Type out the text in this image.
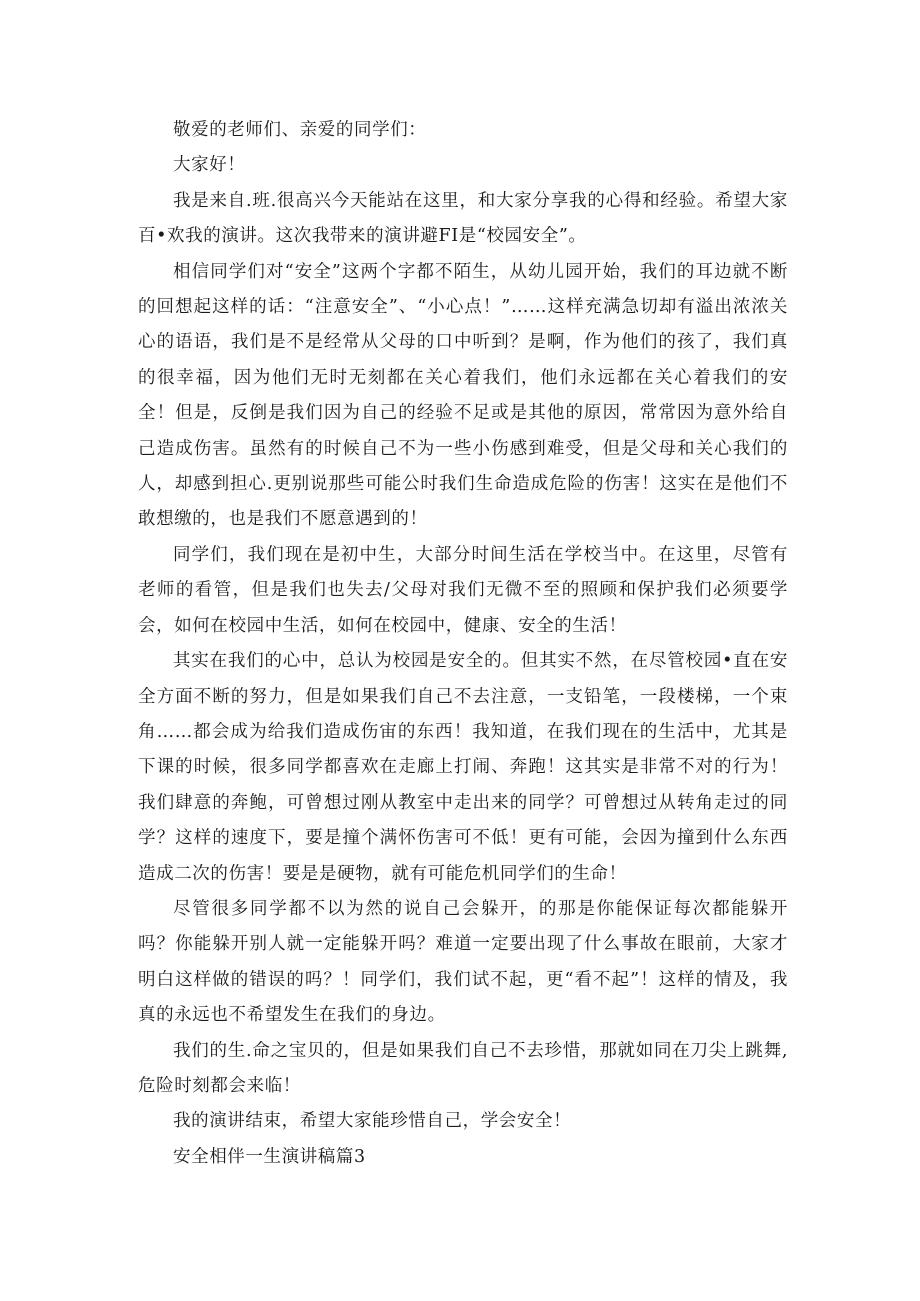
敬爱的老师们、亲爱的同学们：

大家好！

我是来自.班.很高兴今天能站在这里，和大家分享我的心得和经验。希望大家百•欢我的演讲。这次我带来的演讲避FI是“校园安全”。

相信同学们对“安全”这两个字都不陌生，从幼儿园开始，我们的耳边就不断的回想起这样的话：“注意安全”、“小心点！”……这样充满急切却有溢出浓浓关心的语语，我们是不是经常从父母的口中听到？是啊，作为他们的孩了，我们真的很幸福，因为他们无时无刻都在关心着我们，他们永远都在关心着我们的安全！但是，反倒是我们因为自己的经验不足或是其他的原因，常常因为意外给自己造成伤害。虽然有的时候自己不为一些小伤感到难受，但是父母和关心我们的人，却感到担心.更别说那些可能公时我们生命造成危险的伤害！这实在是他们不敢想缴的，也是我们不愿意遇到的！

同学们，我们现在是初中生，大部分时间生活在学校当中。在这里，尽管有老师的看管，但是我们也失去/父母对我们无微不至的照顾和保护我们必须要学会，如何在校园中生活，如何在校园中，健康、安全的生活！

其实在我们的心中，总认为校园是安全的。但其实不然，在尽管校园•直在安全方面不断的努力，但是如果我们自己不去注意，一支铅笔，一段楼梯，一个束角……都会成为给我们造成伤宙的东西！我知道，在我们现在的生活中，尤其是下课的时候，很多同学都喜欢在走廊上打闹、奔跑！这其实是非常不对的行为！我们肆意的奔鲍，可曾想过刚从教室中走出来的同学？可曾想过从转角走过的同学？这样的速度下，要是撞个满怀伤害可不低！更有可能，会因为撞到什么东西造成二次的伤害！要是是硬物，就有可能危机同学们的生命！

尽管很多同学都不以为然的说自己会躲开，的那是你能保证每次都能躲开吗？你能躲开别人就一定能躲开吗？难道一定要出现了什么事故在眼前，大家才明白这样做的错误的吗？！同学们，我们试不起，更“看不起”！这样的情及，我真的永远也不希望发生在我们的身边。

我们的生.命之宝贝的，但是如果我们自己不去珍惜，那就如同在刀尖上跳舞,危险时刻都会来临！

我的演讲结束，希望大家能珍惜自己，学会安全！

安全相伴一生演讲稿篇3
